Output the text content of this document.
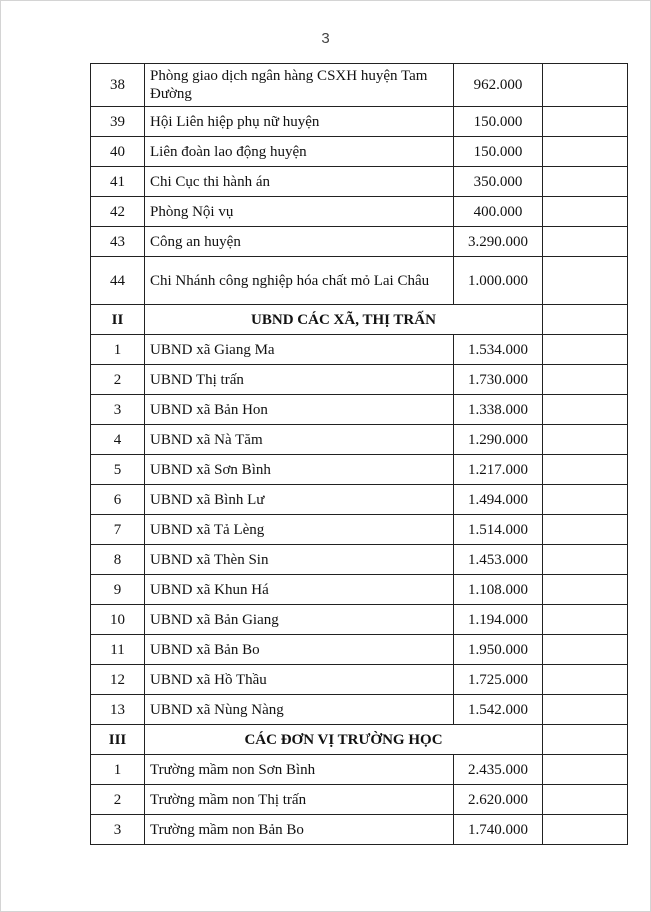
3
38	Phòng giao dịch ngân hàng CSXH huyện Tam Đường	962.000	
39	Hội Liên hiệp phụ nữ huyện	150.000	
40	Liên đoàn lao động huyện	150.000	
41	Chi Cục thi hành án	350.000	
42	Phòng Nội vụ	400.000	
43	Công an huyện	3.290.000	
44	Chi Nhánh công nghiệp hóa chất mỏ Lai Châu	1.000.000	
II	UBND CÁC XÃ, THỊ TRẤN		
1	UBND xã Giang Ma	1.534.000	
2	UBND Thị trấn	1.730.000	
3	UBND xã Bản Hon	1.338.000	
4	UBND xã Nà Tăm	1.290.000	
5	UBND xã Sơn Bình	1.217.000	
6	UBND xã Bình Lư	1.494.000	
7	UBND xã Tả Lèng	1.514.000	
8	UBND xã Thèn Sin	1.453.000	
9	UBND xã Khun Há	1.108.000	
10	UBND xã Bản Giang	1.194.000	
11	UBND xã Bản Bo	1.950.000	
12	UBND xã Hồ Thầu	1.725.000	
13	UBND xã Nùng Nàng	1.542.000	
III	CÁC ĐƠN VỊ TRƯỜNG HỌC		
1	Trường mầm non Sơn Bình	2.435.000	
2	Trường mầm non Thị trấn	2.620.000	
3	Trường mầm non Bản Bo	1.740.000	
